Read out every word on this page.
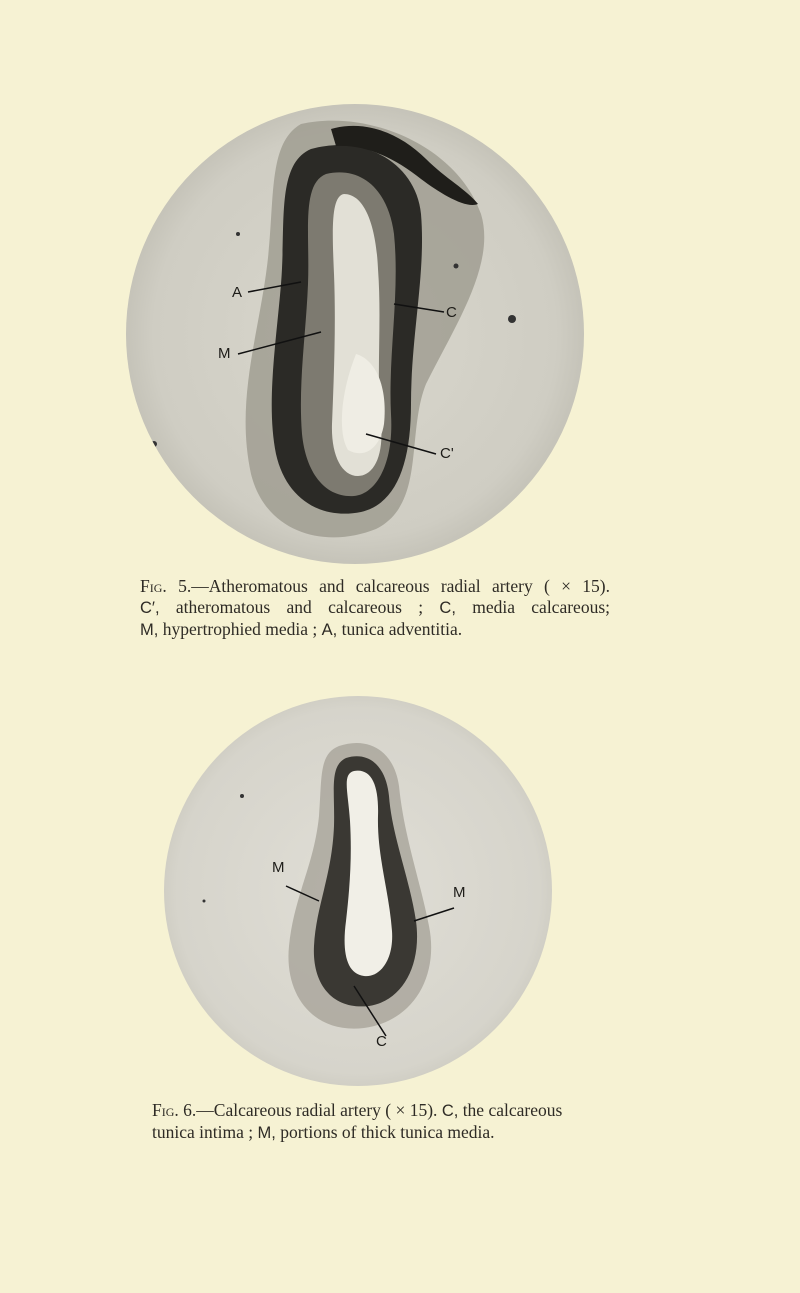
A
M
C
C'
Fig. 5.—Atheromatous and calcareous radial artery ( × 15).
C′, atheromatous and calcareous ; C, media calcareous;
M, hypertrophied media ; A, tunica adventitia.
M
M
C
Fig. 6.—Calcareous radial artery ( × 15). C, the calcareous
tunica intima ; M, portions of thick tunica media.
